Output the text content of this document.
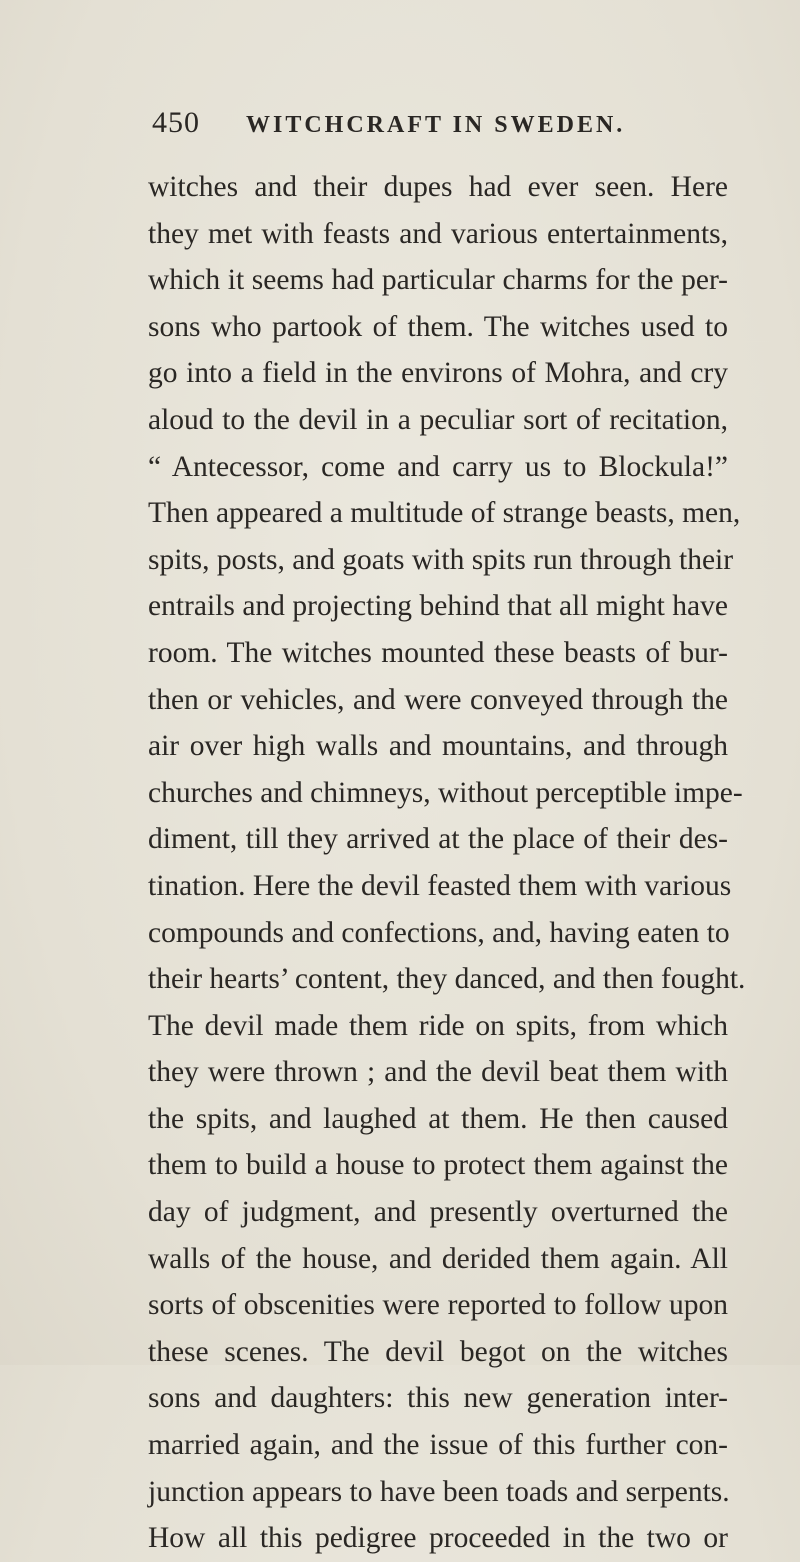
450 WITCHCRAFT IN SWEDEN.
witches and their dupes had ever seen. Here
they met with feasts and various entertainments,
which it seems had particular charms for the per-
sons who partook of them. The witches used to
go into a field in the environs of Mohra, and cry
aloud to the devil in a peculiar sort of recitation,
“ Antecessor, come and carry us to Blockula!”
Then appeared a multitude of strange beasts, men,
spits, posts, and goats with spits run through their
entrails and projecting behind that all might have
room. The witches mounted these beasts of bur-
then or vehicles, and were conveyed through the
air over high walls and mountains, and through
churches and chimneys, without perceptible impe-
diment, till they arrived at the place of their des-
tination. Here the devil feasted them with various
compounds and confections, and, having eaten to
their hearts’ content, they danced, and then fought.
The devil made them ride on spits, from which
they were thrown ; and the devil beat them with
the spits, and laughed at them. He then caused
them to build a house to protect them against the
day of judgment, and presently overturned the
walls of the house, and derided them again. All
sorts of obscenities were reported to follow upon
these scenes. The devil begot on the witches
sons and daughters: this new generation inter-
married again, and the issue of this further con-
junction appears to have been toads and serpents.
How all this pedigree proceeded in the two or
